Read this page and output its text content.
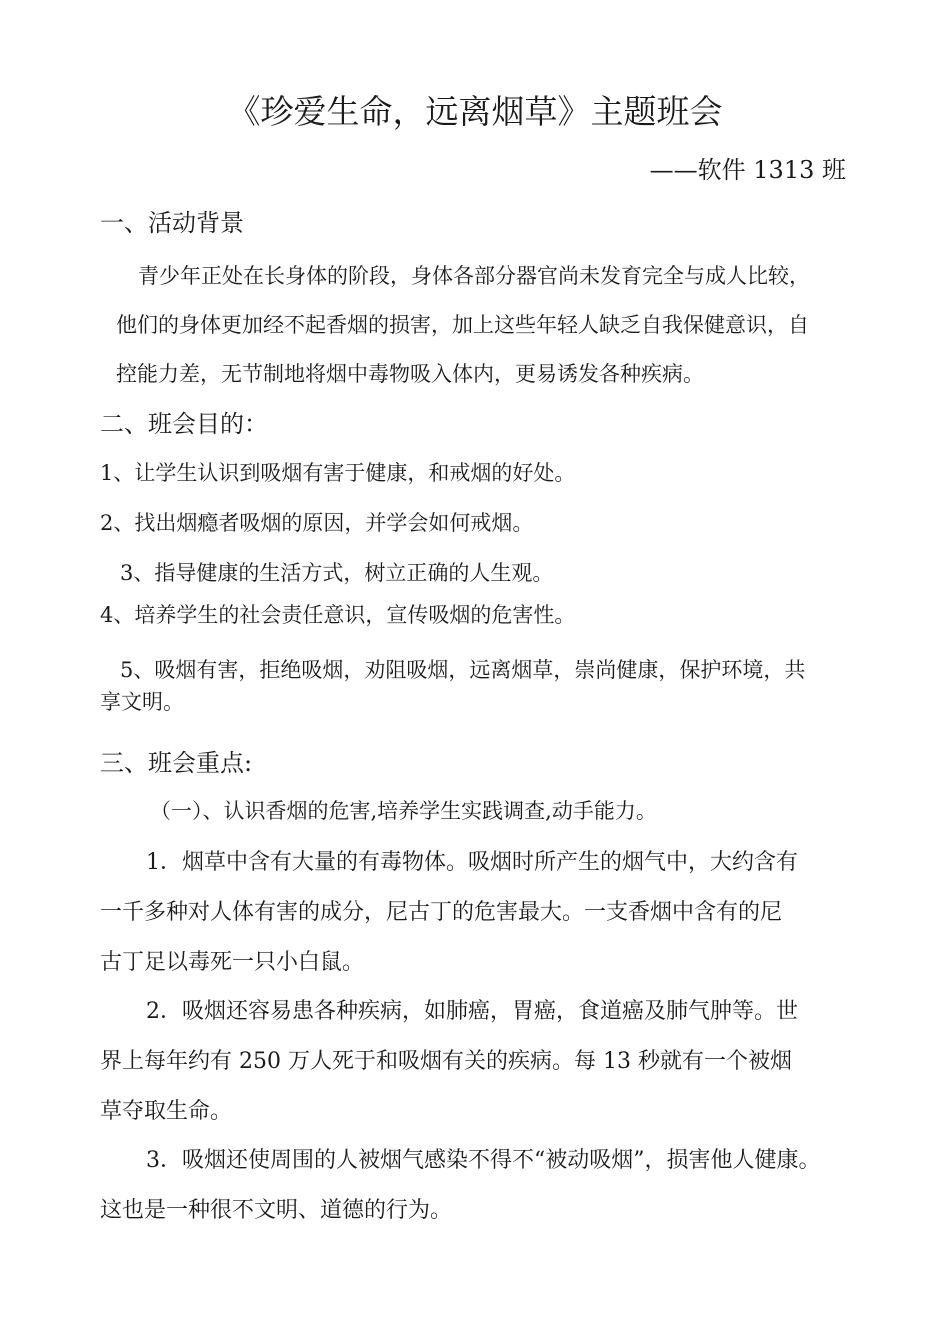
《珍爱生命，远离烟草》主题班会
——软件 1313 班
一、活动背景
青少年正处在长身体的阶段，身体各部分器官尚未发育完全与成人比较，
他们的身体更加经不起香烟的损害，加上这些年轻人缺乏自我保健意识，自
控能力差，无节制地将烟中毒物吸入体内，更易诱发各种疾病。
二、班会目的：
1、让学生认识到吸烟有害于健康，和戒烟的好处。
2、找出烟瘾者吸烟的原因，并学会如何戒烟。
3、指导健康的生活方式，树立正确的人生观。
4、培养学生的社会责任意识，宣传吸烟的危害性。
5、吸烟有害，拒绝吸烟，劝阻吸烟，远离烟草，崇尚健康，保护环境，共
享文明。
三、班会重点:
（一）、认识香烟的危害,培养学生实践调查,动手能力。
1．烟草中含有大量的有毒物体。吸烟时所产生的烟气中，大约含有
一千多种对人体有害的成分，尼古丁的危害最大。一支香烟中含有的尼
古丁足以毒死一只小白鼠。
2．吸烟还容易患各种疾病，如肺癌，胃癌，食道癌及肺气肿等。世
界上每年约有 250 万人死于和吸烟有关的疾病。每 13 秒就有一个被烟
草夺取生命。
3．吸烟还使周围的人被烟气感染不得不“被动吸烟”，损害他人健康。
这也是一种很不文明、道德的行为。
